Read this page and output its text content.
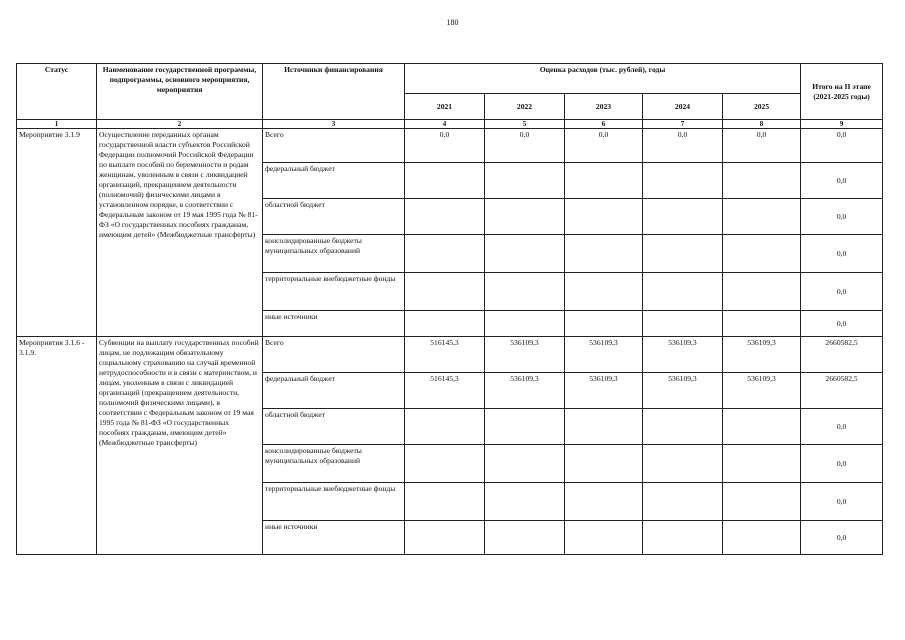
180
Статус	Наименование государственной программы, подпрограммы, основного мероприятия, мероприятия	Источники финансирования	Оценка расходов (тыс. рублей), годы					Итого на II этапе (2021-2025 годы)
			2021	2022	2023	2024	2025	
1	2	3	4	5	6	7	8	9
Мероприятие 3.1.9	Осуществление переданных органам государственной власти субъектов Российской Федерации полномочий Российской Федерации по выплате пособий по беременности и родам женщинам, уволенным в связи с ликвидацией организаций, прекращением деятельности (полномочий) физическими лицами в установленном порядке, в соответствии с Федеральным законом от 19 мая 1995 года № 81-ФЗ «О государственных пособиях гражданам, имеющим детей» (Межбюджетные трансферты)	Всего	0,0	0,0	0,0	0,0	0,0	0,0
		федеральный бюджет						0,0
		областной бюджет						0,0
		консолидированные бюджеты муниципальных образований						0,0
		территориальные внебюджетные фонды						0,0
		иные источники						0,0
Мероприятия 3.1.6 - 3.1.9.	Субвенции на выплату государственных пособий лицам, не подлежащим обязательному социальному страхованию на случай временной нетрудоспособности и в связи с материнством, и лицам, уволенным в связи с ликвидацией организаций (прекращением деятельности, полномочий физическими лицами), в соответствии с Федеральным законом от 19 мая 1995 года № 81-ФЗ «О государственных пособиях гражданам, имеющим детей» (Межбюджетные трансферты)	Всего	516145,3	536109,3	536109,3	536109,3	536109,3	2660582,5
		федеральный бюджет	516145,3	536109,3	536109,3	536109,3	536109,3	2660582,5
		областной бюджет						0,0
		консолидированные бюджеты муниципальных образований						0,0
		территориальные внебюджетные фонды						0,0
		иные источники						0,0
